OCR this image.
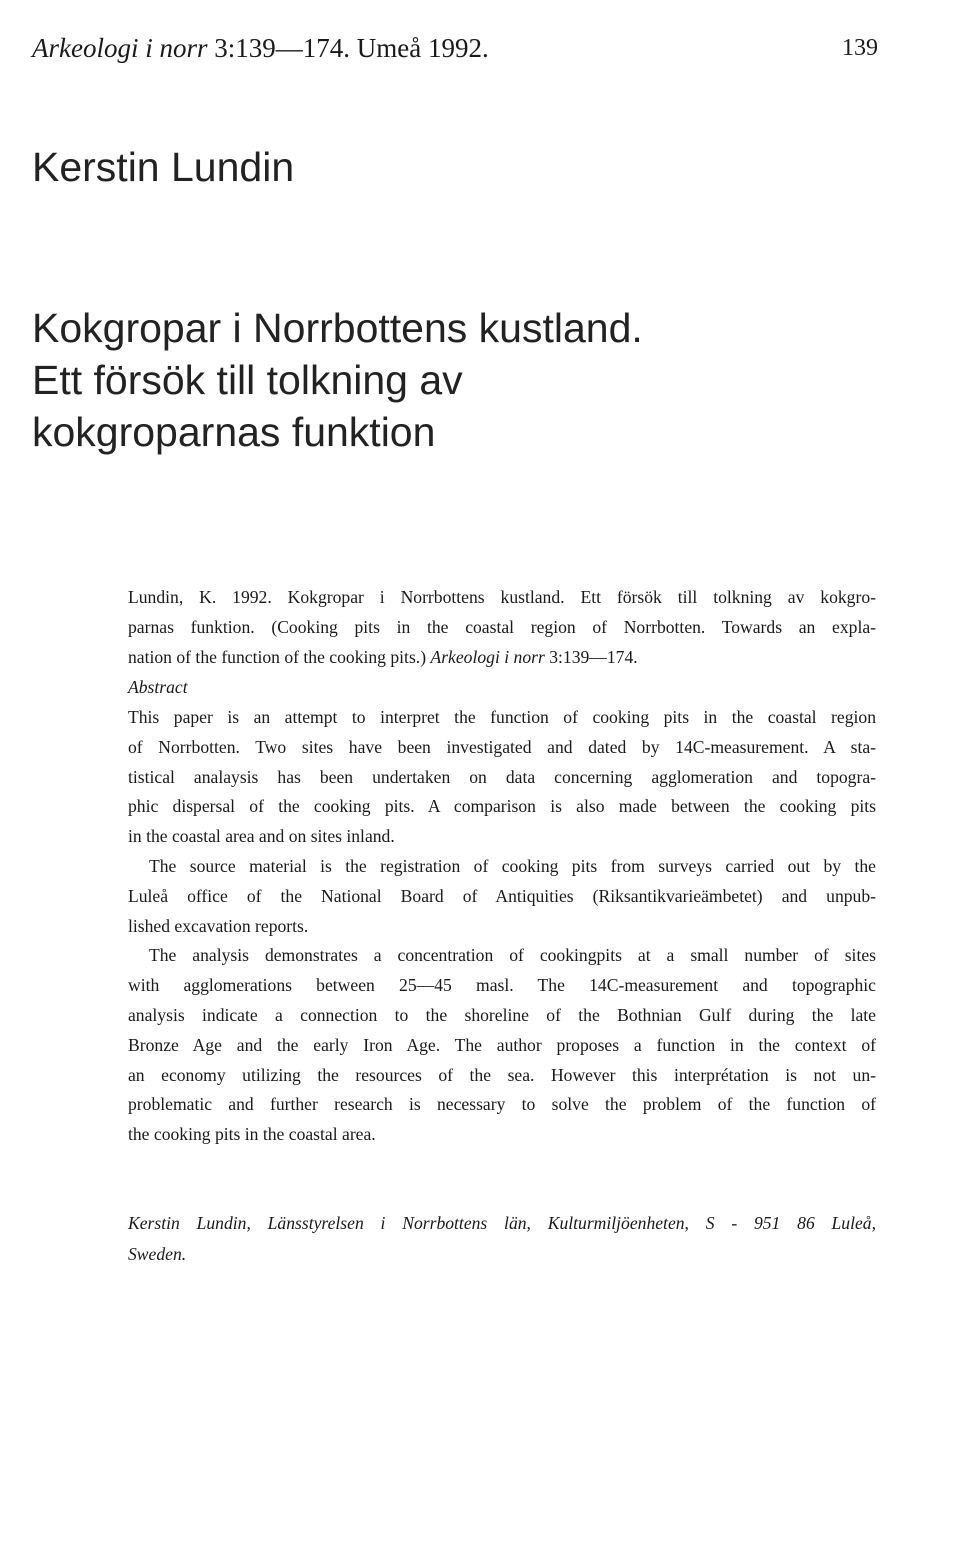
Arkeologi i norr 3:139—174. Umeå 1992.	139
Kerstin Lundin
Kokgropar i Norrbottens kustland.
Ett försök till tolkning av
kokgroparnas funktion
Lundin, K. 1992. Kokgropar i Norrbottens kustland. Ett försök till tolkning av kokgro-
parnas funktion. (Cooking pits in the coastal region of Norrbotten. Towards an expla-
nation of the function of the cooking pits.) Arkeologi i norr 3:139—174.
Abstract
This paper is an attempt to interpret the function of cooking pits in the coastal region
of Norrbotten. Two sites have been investigated and dated by 14C-measurement. A sta-
tistical analaysis has been undertaken on data concerning agglomeration and topogra-
phic dispersal of the cooking pits. A comparison is also made between the cooking pits
in the coastal area and on sites inland.
The source material is the registration of cooking pits from surveys carried out by the
Luleå office of the National Board of Antiquities (Riksantikvarieämbetet) and unpub-
lished excavation reports.
The analysis demonstrates a concentration of cookingpits at a small number of sites
with agglomerations between 25—45 masl. The 14C-measurement and topographic
analysis indicate a connection to the shoreline of the Bothnian Gulf during the late
Bronze Age and the early Iron Age. The author proposes a function in the context of
an economy utilizing the resources of the sea. However this interprétation is not un-
problematic and further research is necessary to solve the problem of the function of
the cooking pits in the coastal area.
Kerstin Lundin, Länsstyrelsen i Norrbottens län, Kulturmiljöenheten, S - 951 86 Luleå,
Sweden.
